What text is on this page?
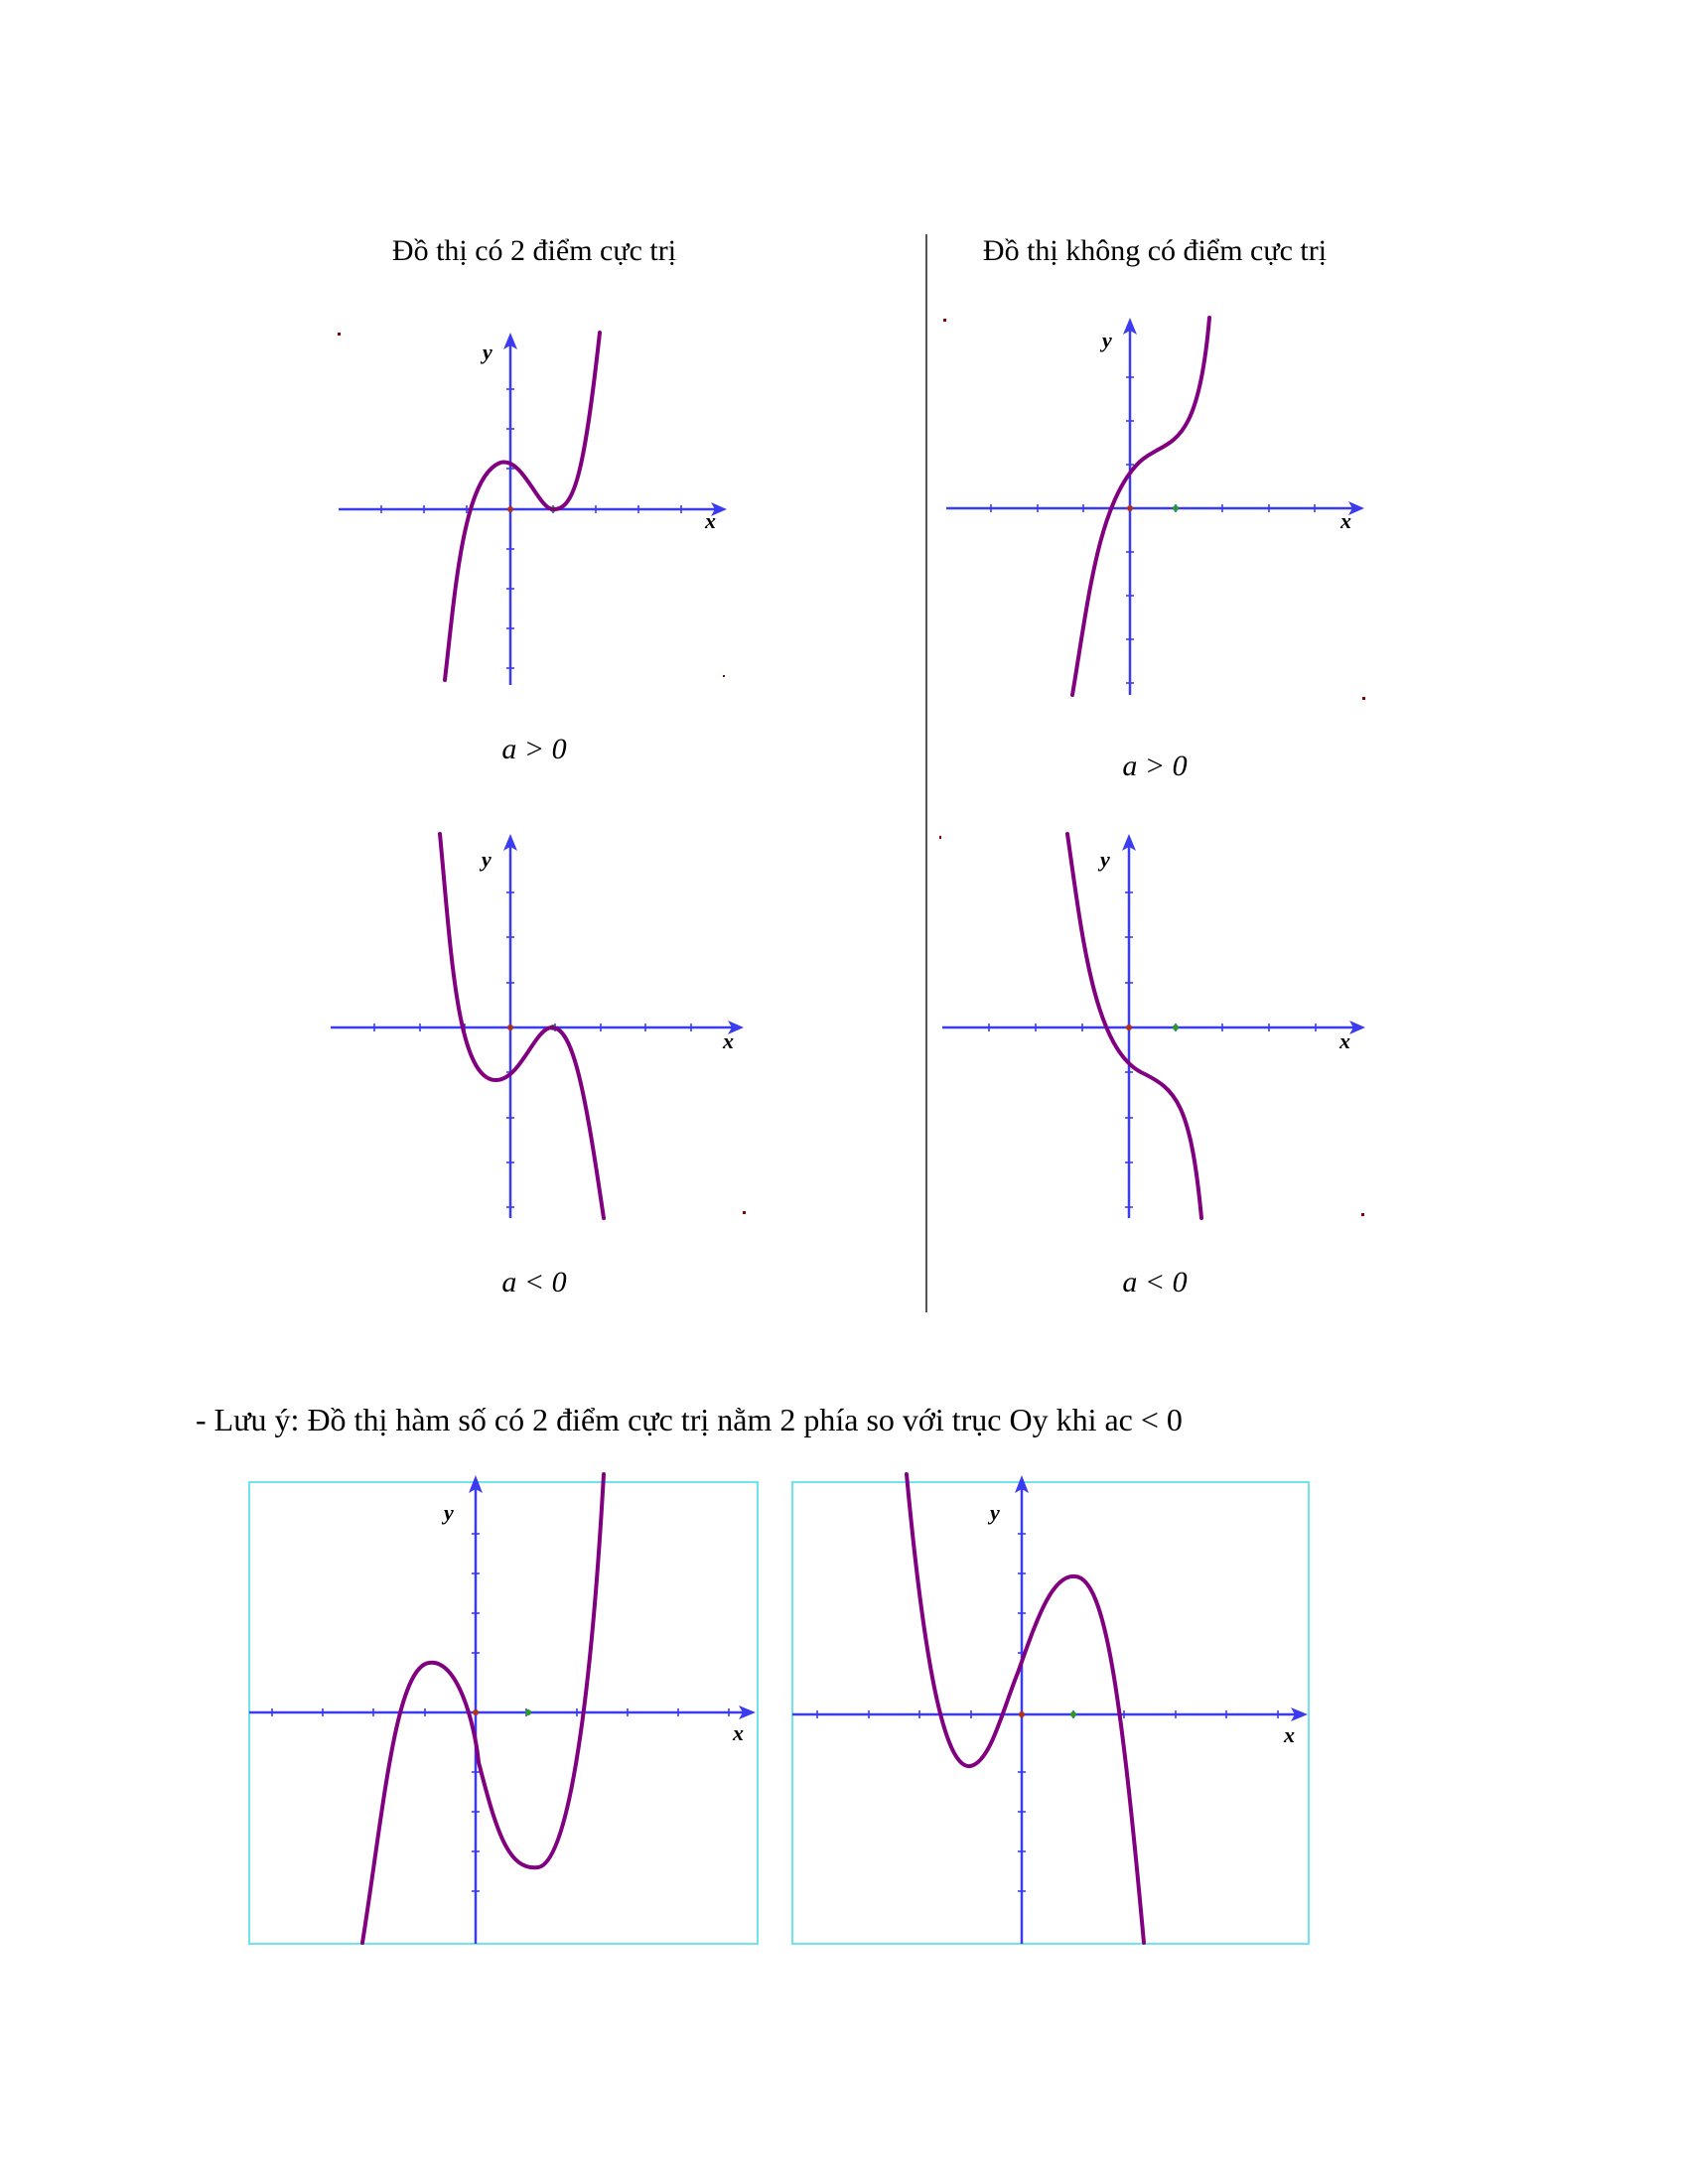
Đồ thị có 2 điểm cực trị	Đồ thị không có điểm cực trị
x
y
a > 0
x
y
a > 0
x
y
a < 0
x
y
a < 0
- Lưu ý: Đồ thị hàm số có 2 điểm cực trị nằm 2 phía so với trục Oy khi ac < 0
x
y
x
y
